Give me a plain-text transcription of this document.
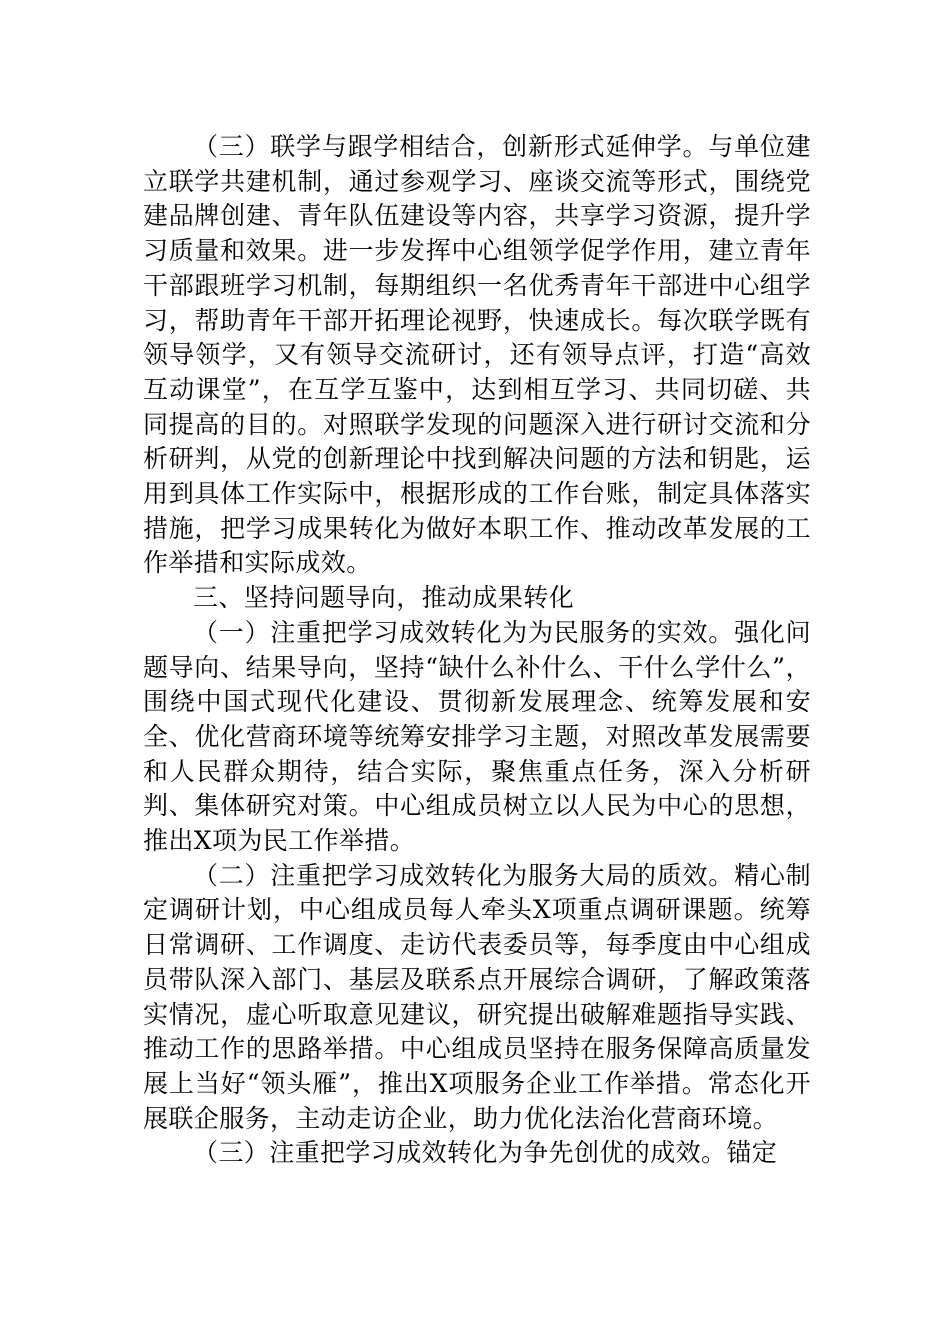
（三）联学与跟学相结合，创新形式延伸学。与单位建立联学共建机制，通过参观学习、座谈交流等形式，围绕党建品牌创建、青年队伍建设等内容，共享学习资源，提升学习质量和效果。进一步发挥中心组领学促学作用，建立青年干部跟班学习机制，每期组织一名优秀青年干部进中心组学习，帮助青年干部开拓理论视野，快速成长。每次联学既有领导领学，又有领导交流研讨，还有领导点评，打造“高效互动课堂”，在互学互鉴中，达到相互学习、共同切磋、共同提高的目的。对照联学发现的问题深入进行研讨交流和分析研判，从党的创新理论中找到解决问题的方法和钥匙，运用到具体工作实际中，根据形成的工作台账，制定具体落实措施，把学习成果转化为做好本职工作、推动改革发展的工作举措和实际成效。

三、坚持问题导向，推动成果转化

（一）注重把学习成效转化为为民服务的实效。强化问题导向、结果导向，坚持“缺什么补什么、干什么学什么”，围绕中国式现代化建设、贯彻新发展理念、统筹发展和安全、优化营商环境等统筹安排学习主题，对照改革发展需要和人民群众期待，结合实际，聚焦重点任务，深入分析研判、集体研究对策。中心组成员树立以人民为中心的思想，推出X项为民工作举措。

（二）注重把学习成效转化为服务大局的质效。精心制定调研计划，中心组成员每人牵头X项重点调研课题。统筹日常调研、工作调度、走访代表委员等，每季度由中心组成员带队深入部门、基层及联系点开展综合调研，了解政策落实情况，虚心听取意见建议，研究提出破解难题指导实践、推动工作的思路举措。中心组成员坚持在服务保障高质量发展上当好“领头雁”，推出X项服务企业工作举措。常态化开展联企服务，主动走访企业，助力优化法治化营商环境。

（三）注重把学习成效转化为争先创优的成效。锚定
